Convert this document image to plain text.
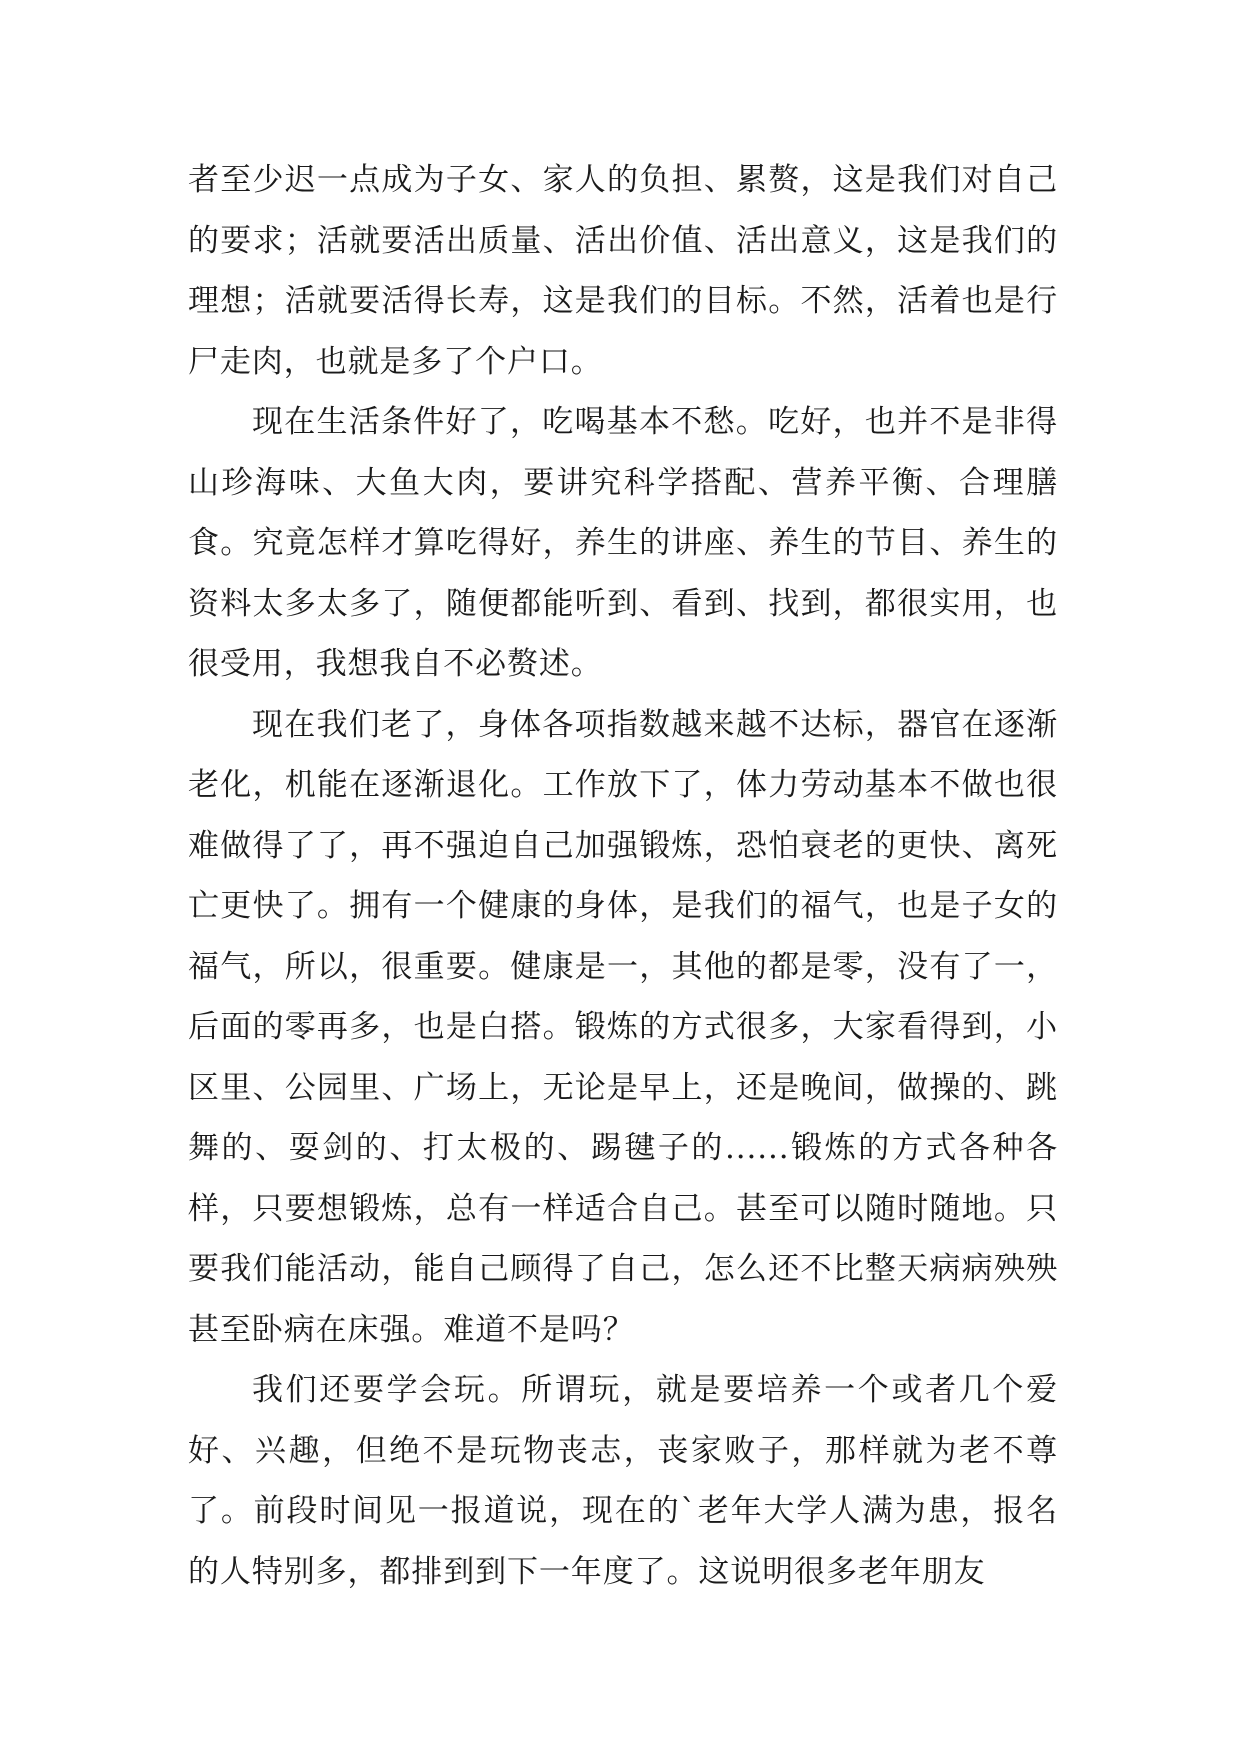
者至少迟一点成为子女、家人的负担、累赘，这是我们对自己的要求；活就要活出质量、活出价值、活出意义，这是我们的理想；活就要活得长寿，这是我们的目标。不然，活着也是行尸走肉，也就是多了个户口。

现在生活条件好了，吃喝基本不愁。吃好，也并不是非得山珍海味、大鱼大肉，要讲究科学搭配、营养平衡、合理膳食。究竟怎样才算吃得好，养生的讲座、养生的节目、养生的资料太多太多了，随便都能听到、看到、找到，都很实用，也很受用，我想我自不必赘述。

现在我们老了，身体各项指数越来越不达标，器官在逐渐老化，机能在逐渐退化。工作放下了，体力劳动基本不做也很难做得了了，再不强迫自己加强锻炼，恐怕衰老的更快、离死亡更快了。拥有一个健康的身体，是我们的福气，也是子女的福气，所以，很重要。健康是一，其他的都是零，没有了一，后面的零再多，也是白搭。锻炼的方式很多，大家看得到，小区里、公园里、广场上，无论是早上，还是晚间，做操的、跳舞的、耍剑的、打太极的、踢毽子的......锻炼的方式各种各样，只要想锻炼，总有一样适合自己。甚至可以随时随地。只要我们能活动，能自己顾得了自己，怎么还不比整天病病殃殃甚至卧病在床强。难道不是吗？

我们还要学会玩。所谓玩，就是要培养一个或者几个爱好、兴趣，但绝不是玩物丧志，丧家败子，那样就为老不尊了。前段时间见一报道说，现在的`老年大学人满为患，报名的人特别多，都排到到下一年度了。这说明很多老年朋友
